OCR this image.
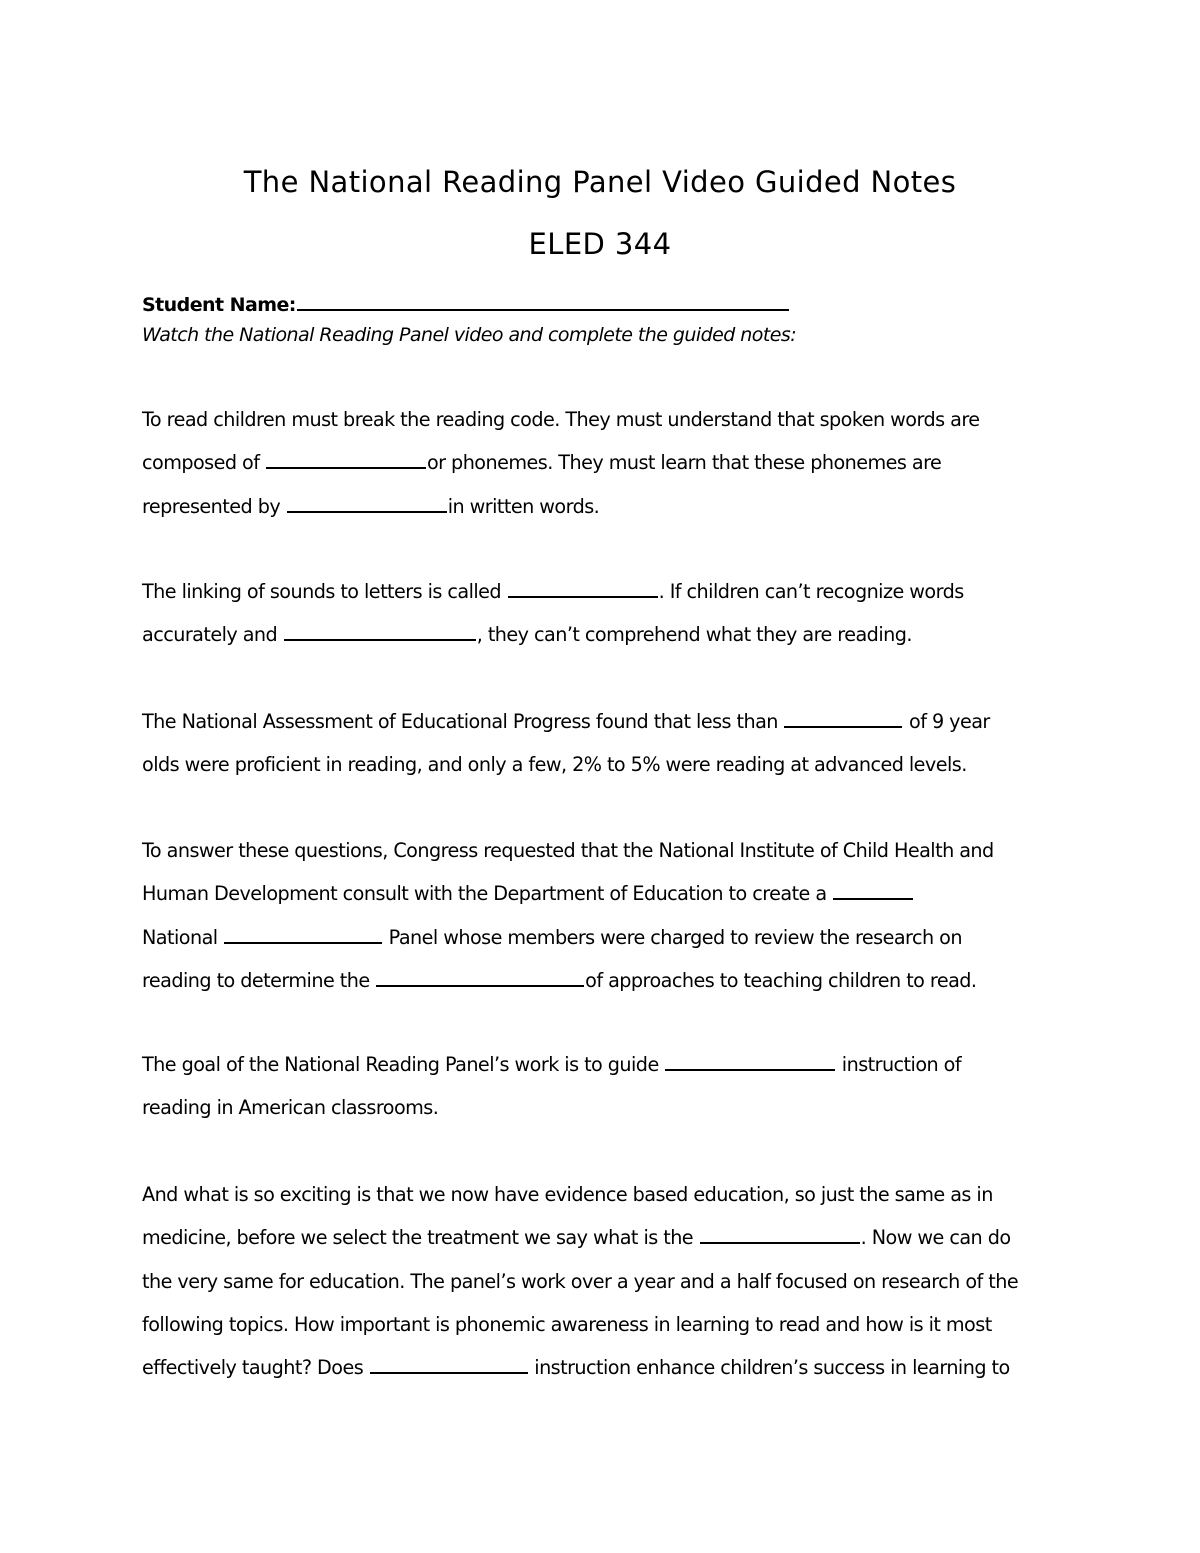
The National Reading Panel Video Guided Notes
ELED 344
Student Name:
Watch the National Reading Panel video and complete the guided notes:
To read children must break the reading code. They must understand that spoken words are
composed of	or phonemes. They must learn that these phonemes are
represented by	in written words.
The linking of sounds to letters is called	. If children can’t recognize words
accurately and	, they can’t comprehend what they are reading.
The National Assessment of Educational Progress found that less than	of 9 year
olds were proficient in reading, and only a few, 2% to 5% were reading at advanced levels.
To answer these questions, Congress requested that the National Institute of Child Health and
Human Development consult with the Department of Education to create a
National	Panel whose members were charged to review the research on
reading to determine the	of approaches to teaching children to read.
The goal of the National Reading Panel’s work is to guide	instruction of
reading in American classrooms.
And what is so exciting is that we now have evidence based education, so just the same as in
medicine, before we select the treatment we say what is the	. Now we can do
the very same for education. The panel’s work over a year and a half focused on research of the
following topics. How important is phonemic awareness in learning to read and how is it most
effectively taught? Does	instruction enhance children’s success in learning to
